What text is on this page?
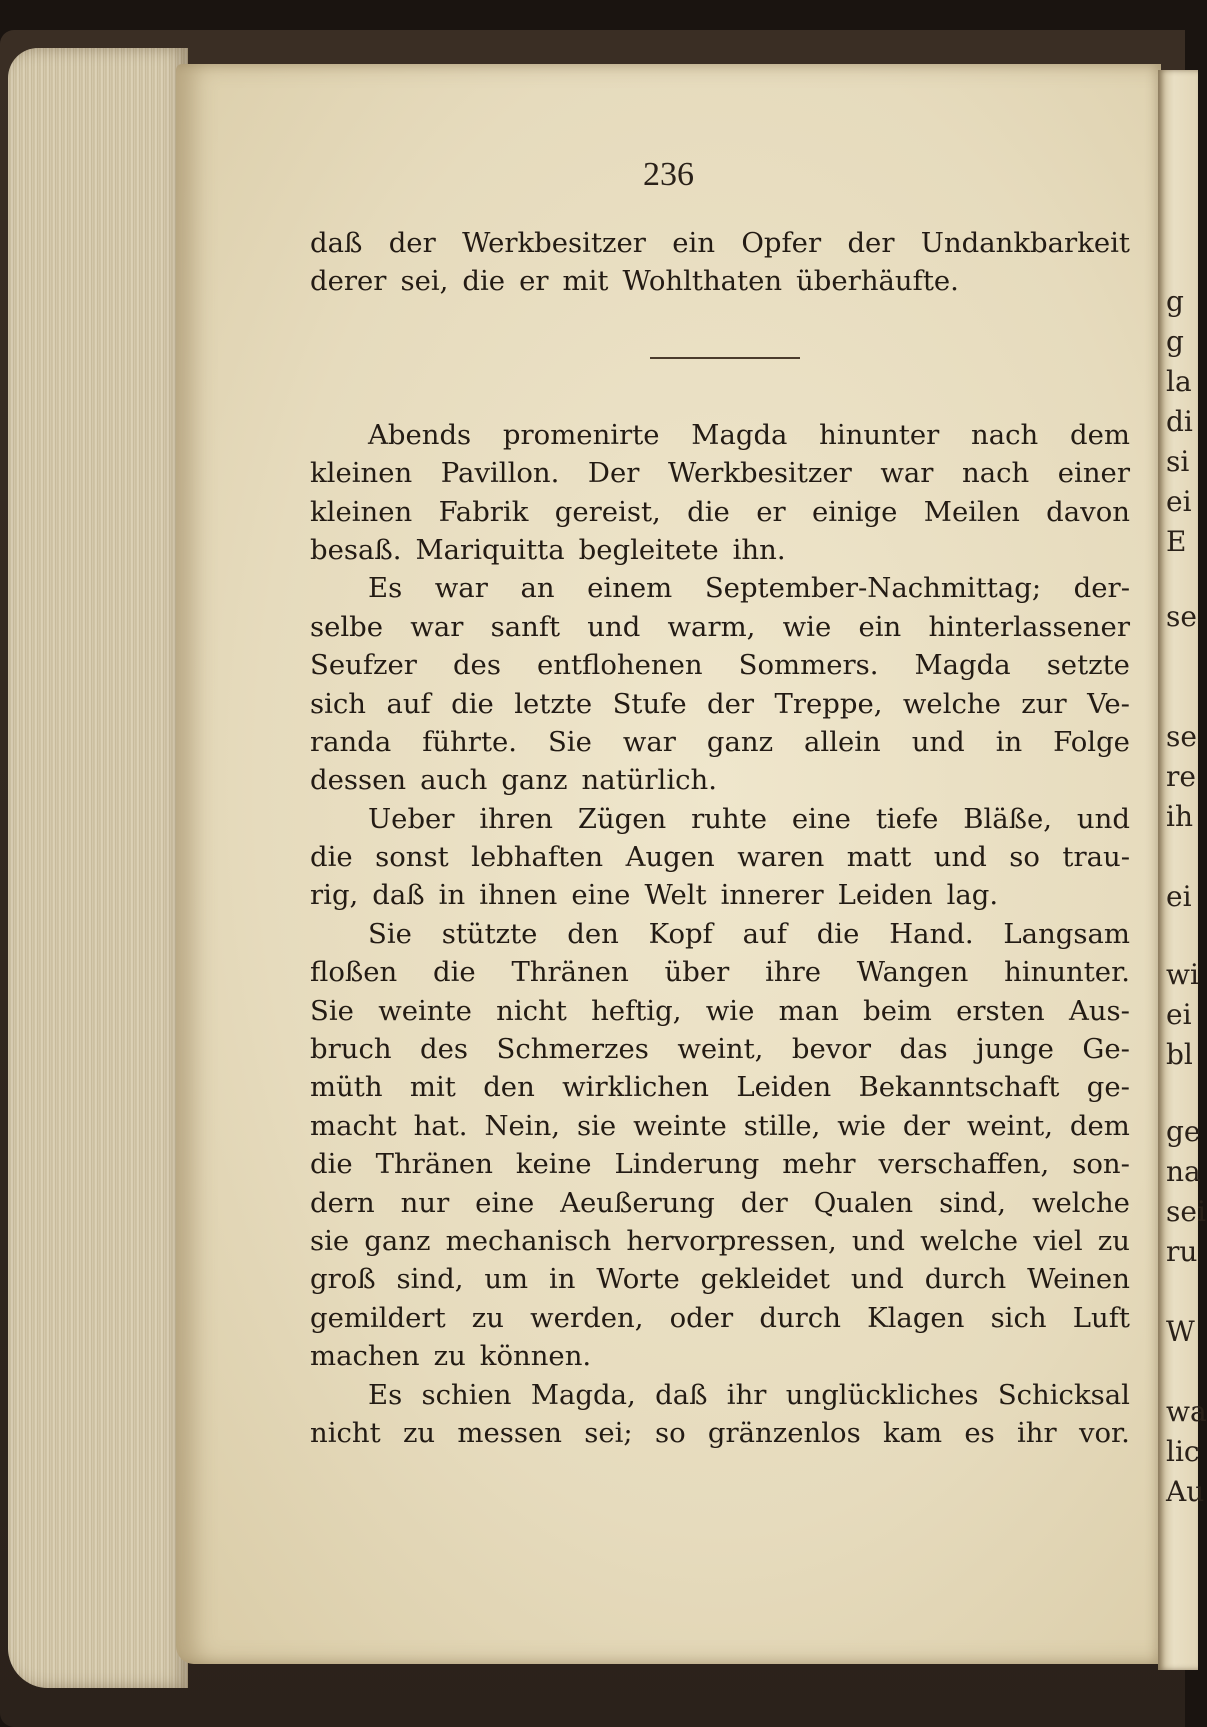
236
daß der Werkbesitzer ein Opfer der Undankbarkeit
derer sei, die er mit Wohlthaten überhäufte.
Abends promenirte Magda hinunter nach dem
kleinen Pavillon. Der Werkbesitzer war nach einer
kleinen Fabrik gereist, die er einige Meilen davon
besaß. Mariquitta begleitete ihn.
Es war an einem September-Nachmittag; der-
selbe war sanft und warm, wie ein hinterlassener
Seufzer des entflohenen Sommers. Magda setzte
sich auf die letzte Stufe der Treppe, welche zur Ve-
randa führte. Sie war ganz allein und in Folge
dessen auch ganz natürlich.
Ueber ihren Zügen ruhte eine tiefe Bläße, und
die sonst lebhaften Augen waren matt und so trau-
rig, daß in ihnen eine Welt innerer Leiden lag.
Sie stützte den Kopf auf die Hand. Langsam
floßen die Thränen über ihre Wangen hinunter.
Sie weinte nicht heftig, wie man beim ersten Aus-
bruch des Schmerzes weint, bevor das junge Ge-
müth mit den wirklichen Leiden Bekanntschaft ge-
macht hat. Nein, sie weinte stille, wie der weint, dem
die Thränen keine Linderung mehr verschaffen, son-
dern nur eine Aeußerung der Qualen sind, welche
sie ganz mechanisch hervorpressen, und welche viel zu
groß sind, um in Worte gekleidet und durch Weinen
gemildert zu werden, oder durch Klagen sich Luft
machen zu können.
Es schien Magda, daß ihr unglückliches Schicksal
nicht zu messen sei; so gränzenlos kam es ihr vor.
g
g
la
di
si
ei
E
se
se
re
ih
ei
wi
ei
bl
ge
na
sei
ru
W
wa
lic
Au
